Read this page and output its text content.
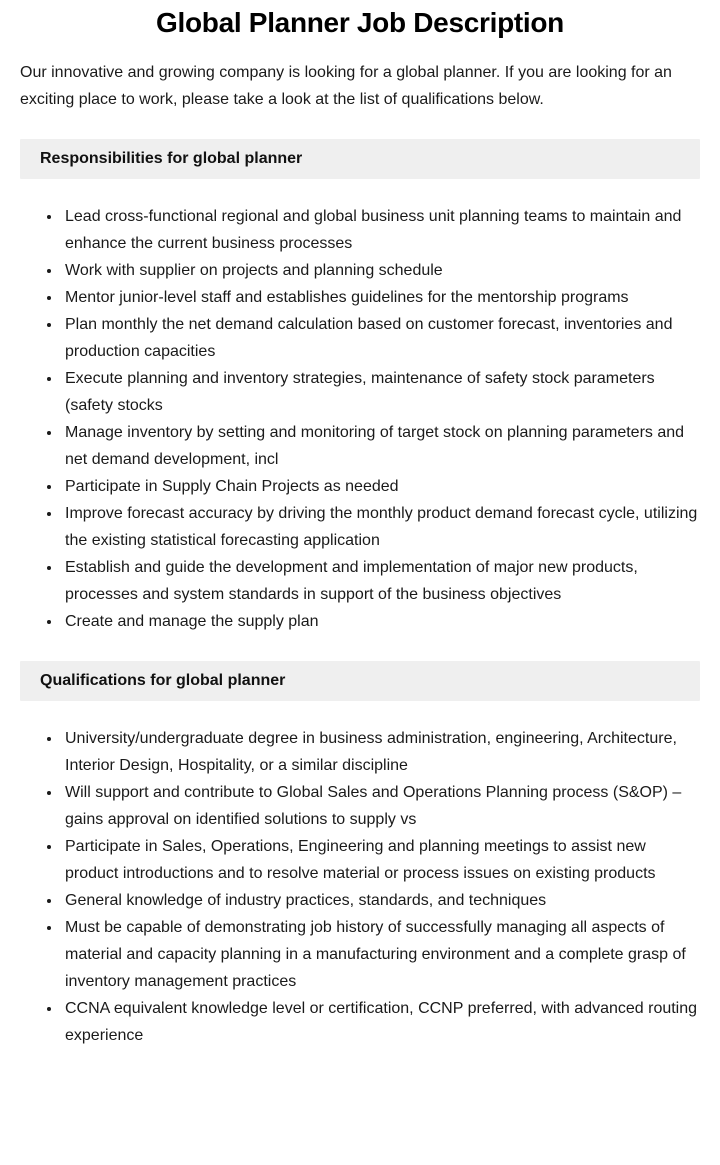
Global Planner Job Description

Our innovative and growing company is looking for a global planner. If you are looking for an exciting place to work, please take a look at the list of qualifications below.

Responsibilities for global planner
• Lead cross-functional regional and global business unit planning teams to maintain and enhance the current business processes
• Work with supplier on projects and planning schedule
• Mentor junior-level staff and establishes guidelines for the mentorship programs
• Plan monthly the net demand calculation based on customer forecast, inventories and production capacities
• Execute planning and inventory strategies, maintenance of safety stock parameters (safety stocks
• Manage inventory by setting and monitoring of target stock on planning parameters and net demand development, incl
• Participate in Supply Chain Projects as needed
• Improve forecast accuracy by driving the monthly product demand forecast cycle, utilizing the existing statistical forecasting application
• Establish and guide the development and implementation of major new products, processes and system standards in support of the business objectives
• Create and manage the supply plan
Qualifications for global planner
• University/undergraduate degree in business administration, engineering, Architecture, Interior Design, Hospitality, or a similar discipline
• Will support and contribute to Global Sales and Operations Planning process (S&OP) – gains approval on identified solutions to supply vs
• Participate in Sales, Operations, Engineering and planning meetings to assist new product introductions and to resolve material or process issues on existing products
• General knowledge of industry practices, standards, and techniques
• Must be capable of demonstrating job history of successfully managing all aspects of material and capacity planning in a manufacturing environment and a complete grasp of inventory management practices
• CCNA equivalent knowledge level or certification, CCNP preferred, with advanced routing experience
